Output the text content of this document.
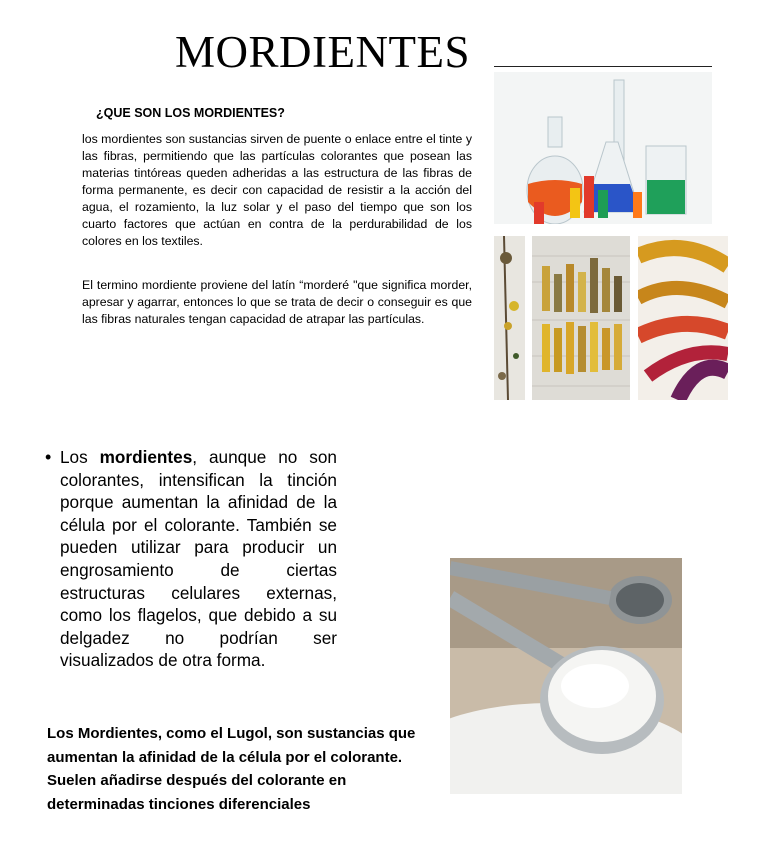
MORDIENTES
¿QUE SON LOS MORDIENTES?
los mordientes son sustancias sirven de puente o enlace entre el tinte y las fibras, permitiendo que las partículas colorantes que posean las materias tintóreas queden adheridas a las estructura de las fibras de forma permanente, es decir con capacidad de resistir a la acción del agua, el rozamiento, la luz solar y el paso del tiempo que son los cuarto factores que actúan en contra de la perdurabilidad de los colores en los textiles.
El termino mordiente proviene del latín “morderé "que significa morder, apresar y agarrar, entonces lo que se trata de decir o conseguir es que las fibras naturales tengan capacidad de atrapar las partículas.
• Los mordientes, aunque no son colorantes, intensifican la tinción porque aumentan la afinidad de la célula por el colorante. También se pueden utilizar para producir un engrosamiento de ciertas estructuras celulares externas, como los flagelos, que debido a su delgadez no podrían ser visualizados de otra forma.
Los Mordientes, como el Lugol, son sustancias que aumentan la afinidad de la célula por el colorante. Suelen añadirse después del colorante en determinadas tinciones diferenciales
